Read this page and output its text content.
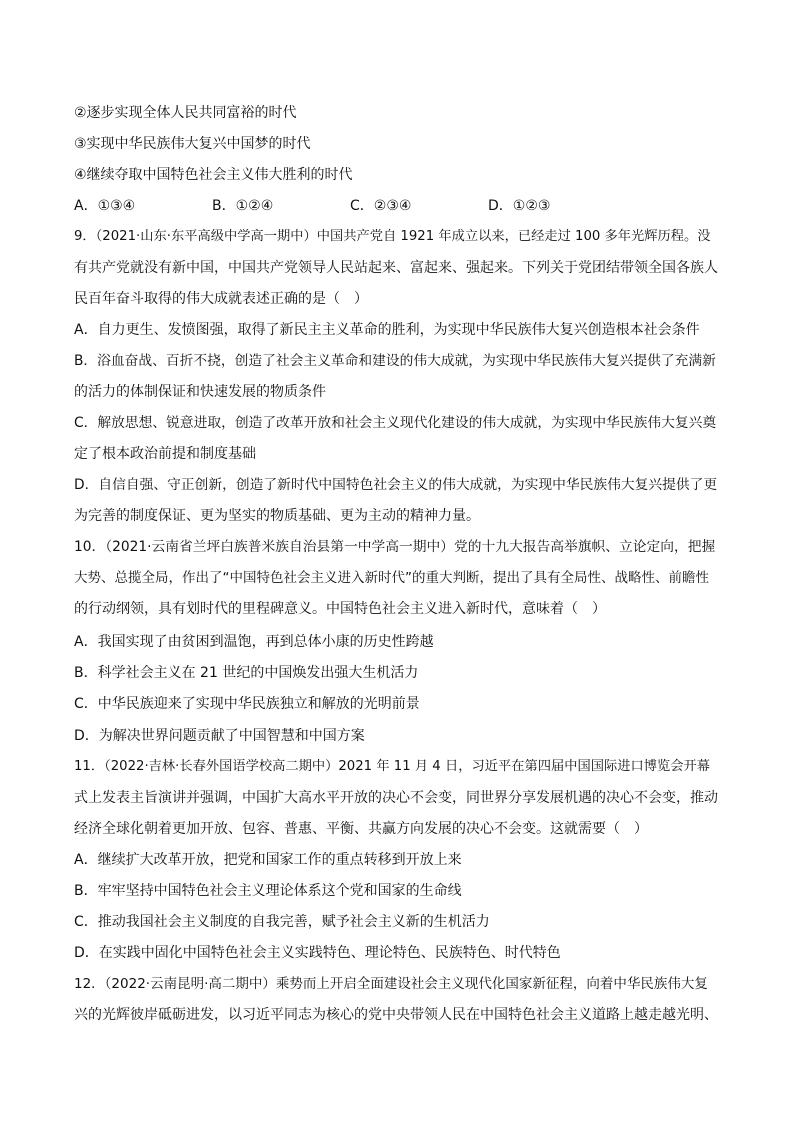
②逐步实现全体人民共同富裕的时代
③实现中华民族伟大复兴中国梦的时代
④继续夺取中国特色社会主义伟大胜利的时代
A．①③④	B．①②④	C．②③④	D．①②③
9．（2021·山东·东平高级中学高一期中）中国共产党自 1921 年成立以来，已经走过 100 多年光辉历程。没
有共产党就没有新中国，中国共产党领导人民站起来、富起来、强起来。下列关于党团结带领全国各族人
民百年奋斗取得的伟大成就表述正确的是（　）
A．自力更生、发愤图强，取得了新民主主义革命的胜利，为实现中华民族伟大复兴创造根本社会条件
B．浴血奋战、百折不挠，创造了社会主义革命和建设的伟大成就，为实现中华民族伟大复兴提供了充满新
的活力的体制保证和快速发展的物质条件
C．解放思想、锐意进取，创造了改革开放和社会主义现代化建设的伟大成就，为实现中华民族伟大复兴奠
定了根本政治前提和制度基础
D．自信自强、守正创新，创造了新时代中国特色社会主义的伟大成就，为实现中华民族伟大复兴提供了更
为完善的制度保证、更为坚实的物质基础、更为主动的精神力量。
10．（2021·云南省兰坪白族普米族自治县第一中学高一期中）党的十九大报告高举旗帜、立论定向，把握
大势、总揽全局，作出了“中国特色社会主义进入新时代”的重大判断，提出了具有全局性、战略性、前瞻性
的行动纲领，具有划时代的里程碑意义。中国特色社会主义进入新时代，意味着（　）
A．我国实现了由贫困到温饱，再到总体小康的历史性跨越
B．科学社会主义在 21 世纪的中国焕发出强大生机活力
C．中华民族迎来了实现中华民族独立和解放的光明前景
D．为解决世界问题贡献了中国智慧和中国方案
11．（2022·吉林·长春外国语学校高二期中）2021 年 11 月 4 日，习近平在第四届中国国际进口博览会开幕
式上发表主旨演讲并强调，中国扩大高水平开放的决心不会变，同世界分享发展机遇的决心不会变，推动
经济全球化朝着更加开放、包容、普惠、平衡、共赢方向发展的决心不会变。这就需要（　）
A．继续扩大改革开放，把党和国家工作的重点转移到开放上来
B．牢牢坚持中国特色社会主义理论体系这个党和国家的生命线
C．推动我国社会主义制度的自我完善，赋予社会主义新的生机活力
D．在实践中固化中国特色社会主义实践特色、理论特色、民族特色、时代特色
12．（2022·云南昆明·高二期中）乘势而上开启全面建设社会主义现代化国家新征程，向着中华民族伟大复
兴的光辉彼岸砥砺进发，以习近平同志为核心的党中央带领人民在中国特色社会主义道路上越走越光明、
